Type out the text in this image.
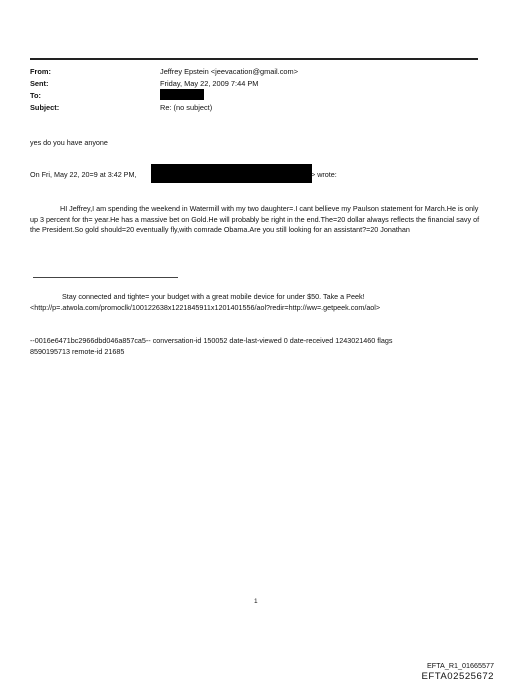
From:	Jeffrey Epstein <jeevacation@gmail.com>
Sent:	Friday, May 22, 2009 7:44 PM
To:
Subject:	Re: (no subject)
yes do you have anyone
On Fri, May 22, 20=9 at 3:42 PM,	> wrote:
HI Jeffrey,I am spending the weekend in Watermill with my two daughter=.I cant bellieve my Paulson statement for March.He is only up 3 percent for th= year.He has a massive bet on Gold.He will probably be right in the end.The=20 dollar always reflects the financial savy of the President.So gold should=20 eventually fly,with comrade Obama.Are you still looking for an assistant?=20 Jonathan
Stay connected and tighte= your budget with a great mobile device for under $50. Take a Peek!
<http://p=.atwola.com/promoclk/100122638x1221845911x1201401556/aol?redir=http://ww=.getpeek.com/aol>
--0016e6471bc2966dbd046a857ca5-- conversation-id 150052 date-last-viewed 0 date-received 1243021460 flags
8590195713 remote-id 21685
1
EFTA_R1_01665577
EFTA02525672
